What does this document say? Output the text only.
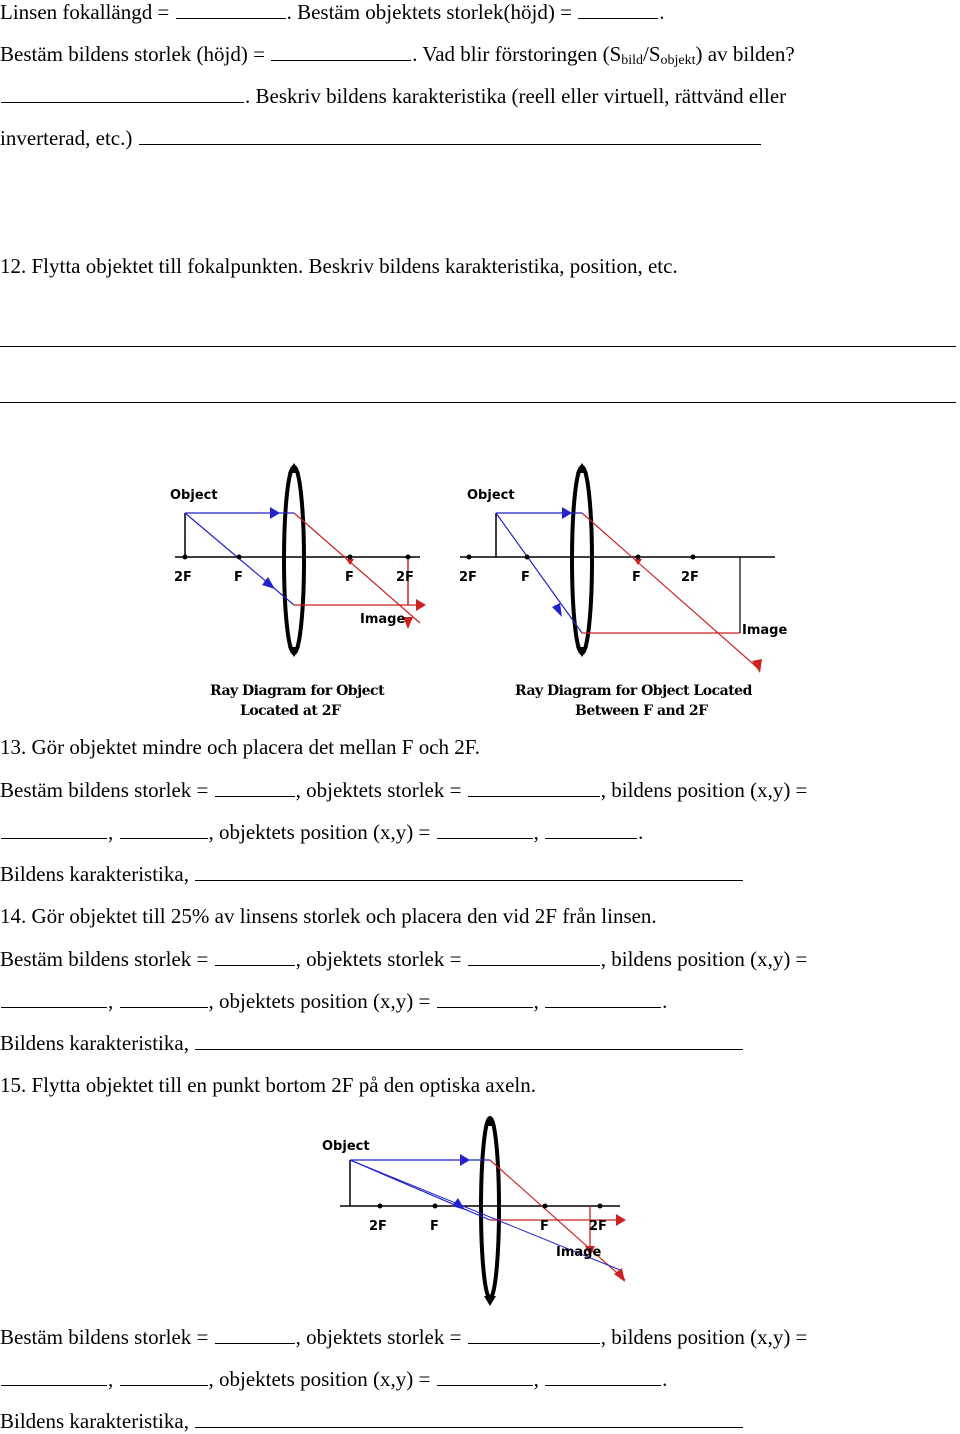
Linsen fokallängd =	. Bestäm objektets storlek(höjd) =	.
Bestäm bildens storlek (höjd) =	. Vad blir förstoringen $(S_{bild}/S_{objekt})$ av bilden?
. Beskriv bildens karakteristika (reell eller virtuell, rättvänd eller
inverterad, etc.)
12. Flytta objektet till fokalpunkten. Beskriv bildens karakteristika, position, etc.
Object
2F	F	F	2F
Image
Ray Diagram for Object
Located at 2F
Object
2F	F	F	2F
Image
Ray Diagram for Object Located
Between F and 2F
13. Gör objektet mindre och placera det mellan F och 2F.
Bestäm bildens storlek =	, objektets storlek =	, bildens position (x,y) =
,	, objektets position (x,y) =	,	.
Bildens karakteristika,
14. Gör objektet till 25% av linsens storlek och placera den vid 2F från linsen.
Bestäm bildens storlek =	, objektets storlek =	, bildens position (x,y) =
,	, objektets position (x,y) =	,	.
Bildens karakteristika,
15. Flytta objektet till en punkt bortom 2F på den optiska axeln.
Object
2F	F	F	2F
Image
Bestäm bildens storlek =	, objektets storlek =	, bildens position (x,y) =
,	, objektets position (x,y) =	,	.
Bildens karakteristika,
